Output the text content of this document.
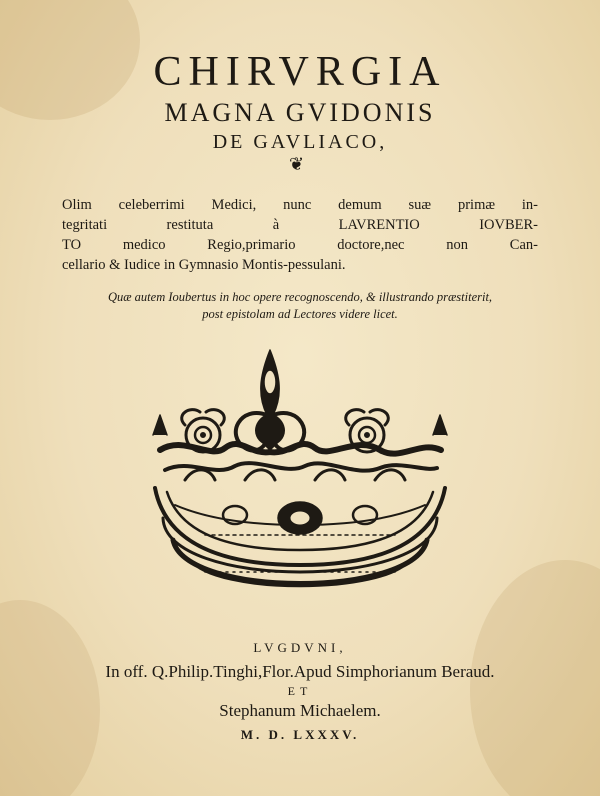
CHIRVRGIA
MAGNA GVIDONIS
DE GAVLIACO,
❦
Olim celeberrimi Medici, nunc demum suæ primæ in-
tegritati restituta à LAVRENTIO IOVBER-
TO medico Regio,primario doctore,nec non Can-
cellario & Iudice in Gymnasio Montis-pessulani.
Quæ autem Ioubertus in hoc opere recognoscendo, & illustrando præstiterit,
post epistolam ad Lectores videre licet.
LVGDVNI,
In off. Q.Philip.Tinghi,Flor.Apud Simphorianum Beraud.
ET
Stephanum Michaelem.
M. D. LXXXV.
